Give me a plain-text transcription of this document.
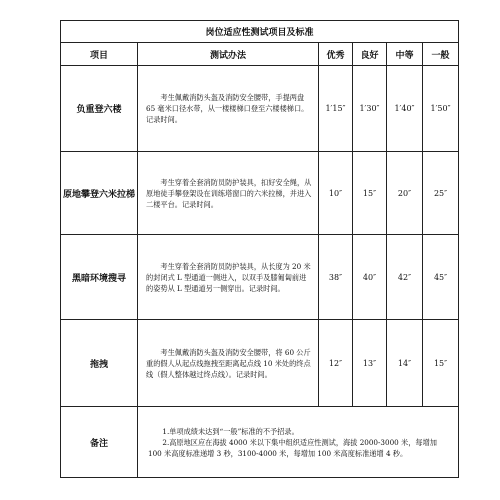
岗位适应性测试项目及标准					
项目	测试办法	优秀	良好	中等	一般
负重登六楼	考生佩戴消防头盔及消防安全腰带，手提两盘 65 毫米口径水带，从一楼楼梯口登至六楼楼梯口。记录时间。	1′15″	1′30″	1′40″	1′50″
原地攀登六米拉梯	考生穿着全套消防员防护装具，扣好安全绳，从原地徒手攀登架设在训练塔窗口的六米拉梯，并进入二楼平台。记录时间。	10″	15″	20″	25″
黑暗环境搜寻	考生穿着全套消防员防护装具，从长度为 20 米的封闭式 L 型通道一侧进入，以双手及膝匍匐前进的姿势从 L 型通道另一侧穿出。记录时间。	38″	40″	42″	45″
拖拽	考生佩戴消防头盔及消防安全腰带，将 60 公斤重的假人从起点线拖拽至距离起点线 10 米处的终点线（假人整体越过终点线）。记录时间。	12″	13″	14″	15″
备注	1.单项成绩未达到“一般”标准的不予招录。

2.高原地区应在海拔 4000 米以下集中组织适应性测试，海拔 2000-3000 米，每增加 100 米高度标准递增 3 秒，3100-4000 米，每增加 100 米高度标准递增 4 秒。				
